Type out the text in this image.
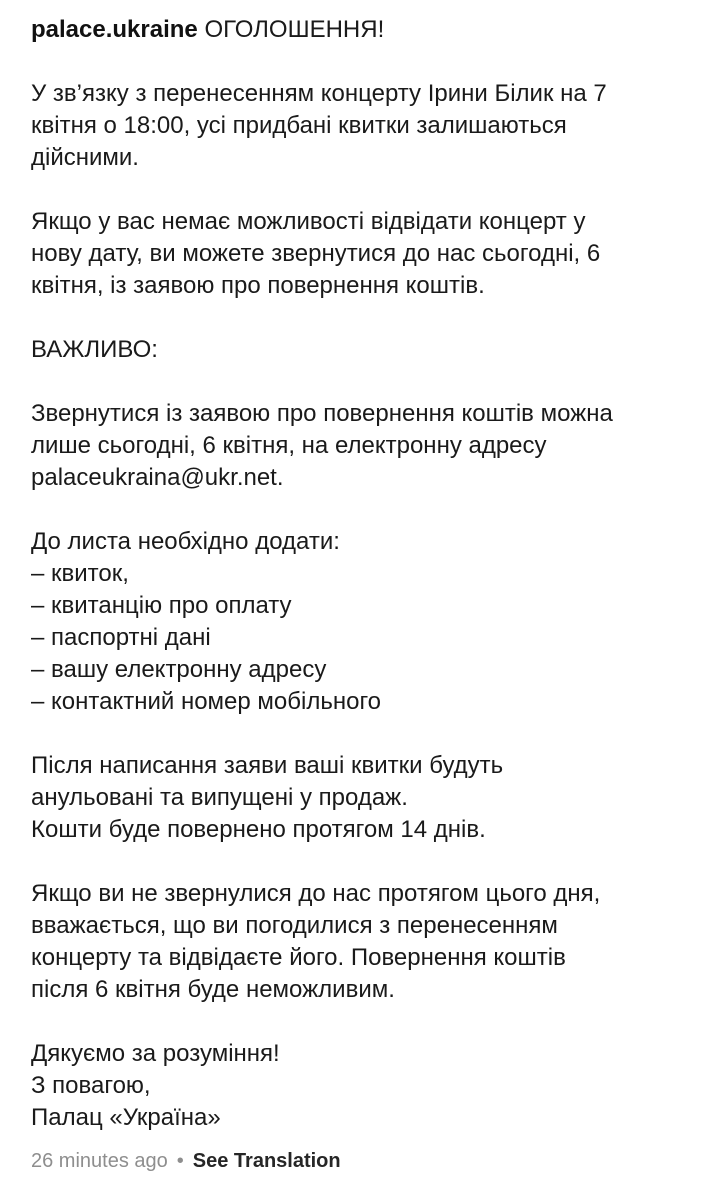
palace.ukraine ОГОЛОШЕННЯ!
У зв’язку з перенесенням концерту Ірини Білик на 7
квітня о 18:00, усі придбані квитки залишаються
дійсними.
Якщо у вас немає можливості відвідати концерт у
нову дату, ви можете звернутися до нас сьогодні, 6
квітня, із заявою про повернення коштів.
ВАЖЛИВО:
Звернутися із заявою про повернення коштів можна
лише сьогодні, 6 квітня, на електронну адресу
palaceukraina@ukr.net.
До листа необхідно додати:
– квиток,
– квитанцію про оплату
– паспортні дані
– вашу електронну адресу
– контактний номер мобільного
Після написання заяви ваші квитки будуть
анульовані та випущені у продаж.
Кошти буде повернено протягом 14 днів.
Якщо ви не звернулися до нас протягом цього дня,
вважається, що ви погодилися з перенесенням
концерту та відвідаєте його. Повернення коштів
після 6 квітня буде неможливим.
Дякуємо за розуміння!
З повагою,
Палац «Україна»
26 minutes ago • See Translation
